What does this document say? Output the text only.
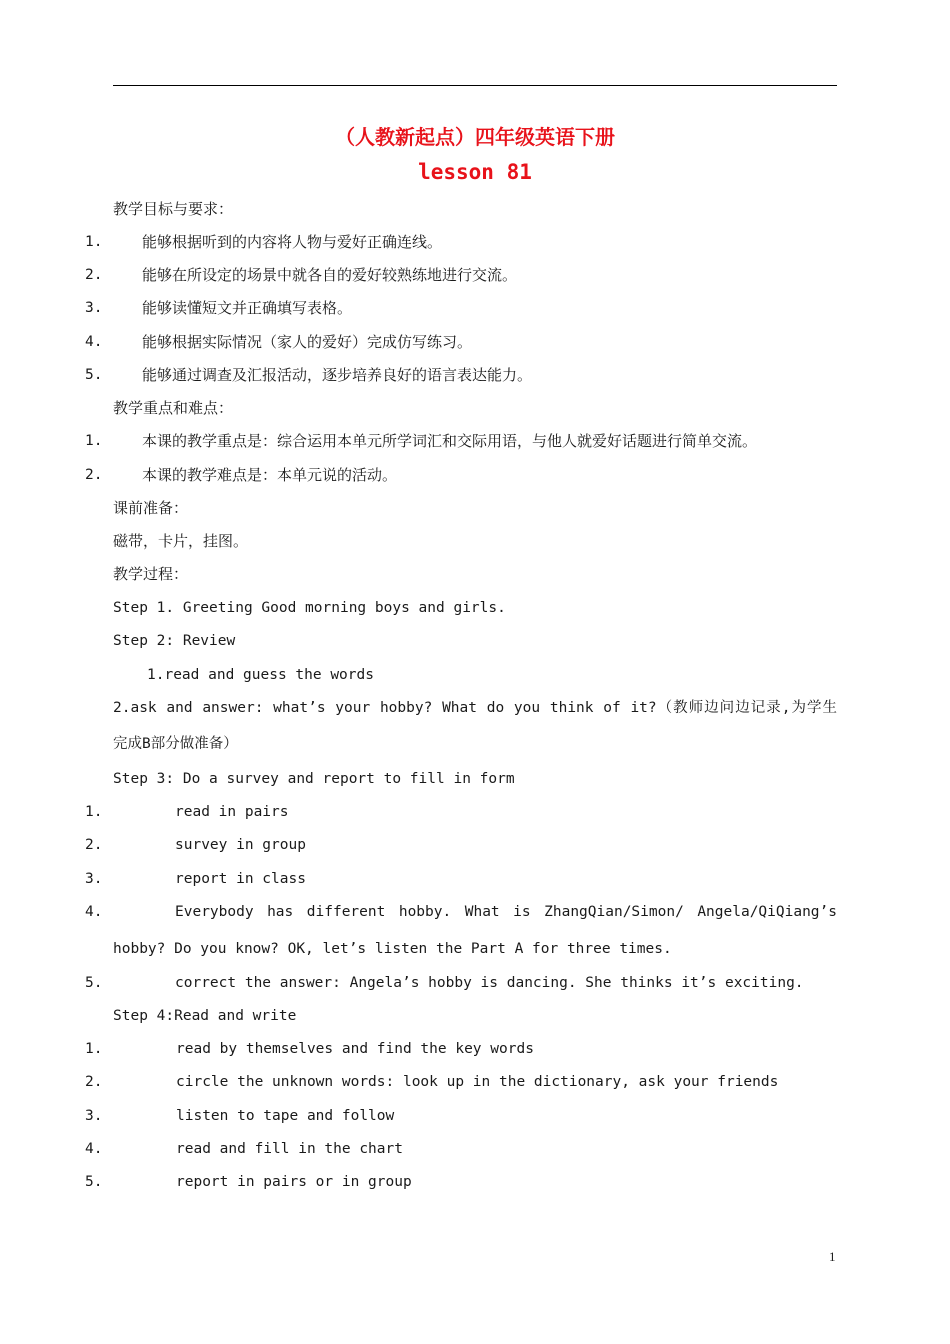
（人教新起点）四年级英语下册
lesson 81
教学目标与要求：
1.	能够根据听到的内容将人物与爱好正确连线。
2.	能够在所设定的场景中就各自的爱好较熟练地进行交流。
3.	能够读懂短文并正确填写表格。
4.	能够根据实际情况（家人的爱好）完成仿写练习。
5.	能够通过调查及汇报活动，逐步培养良好的语言表达能力。
教学重点和难点：
1.	本课的教学重点是：综合运用本单元所学词汇和交际用语，与他人就爱好话题进行简单交流。
2.	本课的教学难点是：本单元说的活动。
课前准备：
磁带，卡片，挂图。
教学过程：
Step 1. Greeting Good morning boys and girls.
Step 2: Review
1.read and guess the words
2.ask and answer: what’s your hobby? What do you think of it?（教师边问边记录,为学生
完成B部分做准备）
Step 3: Do a survey and report to fill in form
1.	read in pairs
2.	survey in group
3.	report in class
4.	Everybody has different hobby. What is ZhangQian/Simon/ Angela/QiQiang’s
hobby? Do you know? OK, let’s listen the Part A for three times.
5.	correct the answer: Angela’s hobby is dancing. She thinks it’s exciting.
Step 4:Read and write
1.	read by themselves and find the key words
2.	circle the unknown words: look up in the dictionary, ask your friends
3.	listen to tape and follow
4.	read and fill in the chart
5.	report in pairs or in group
1
